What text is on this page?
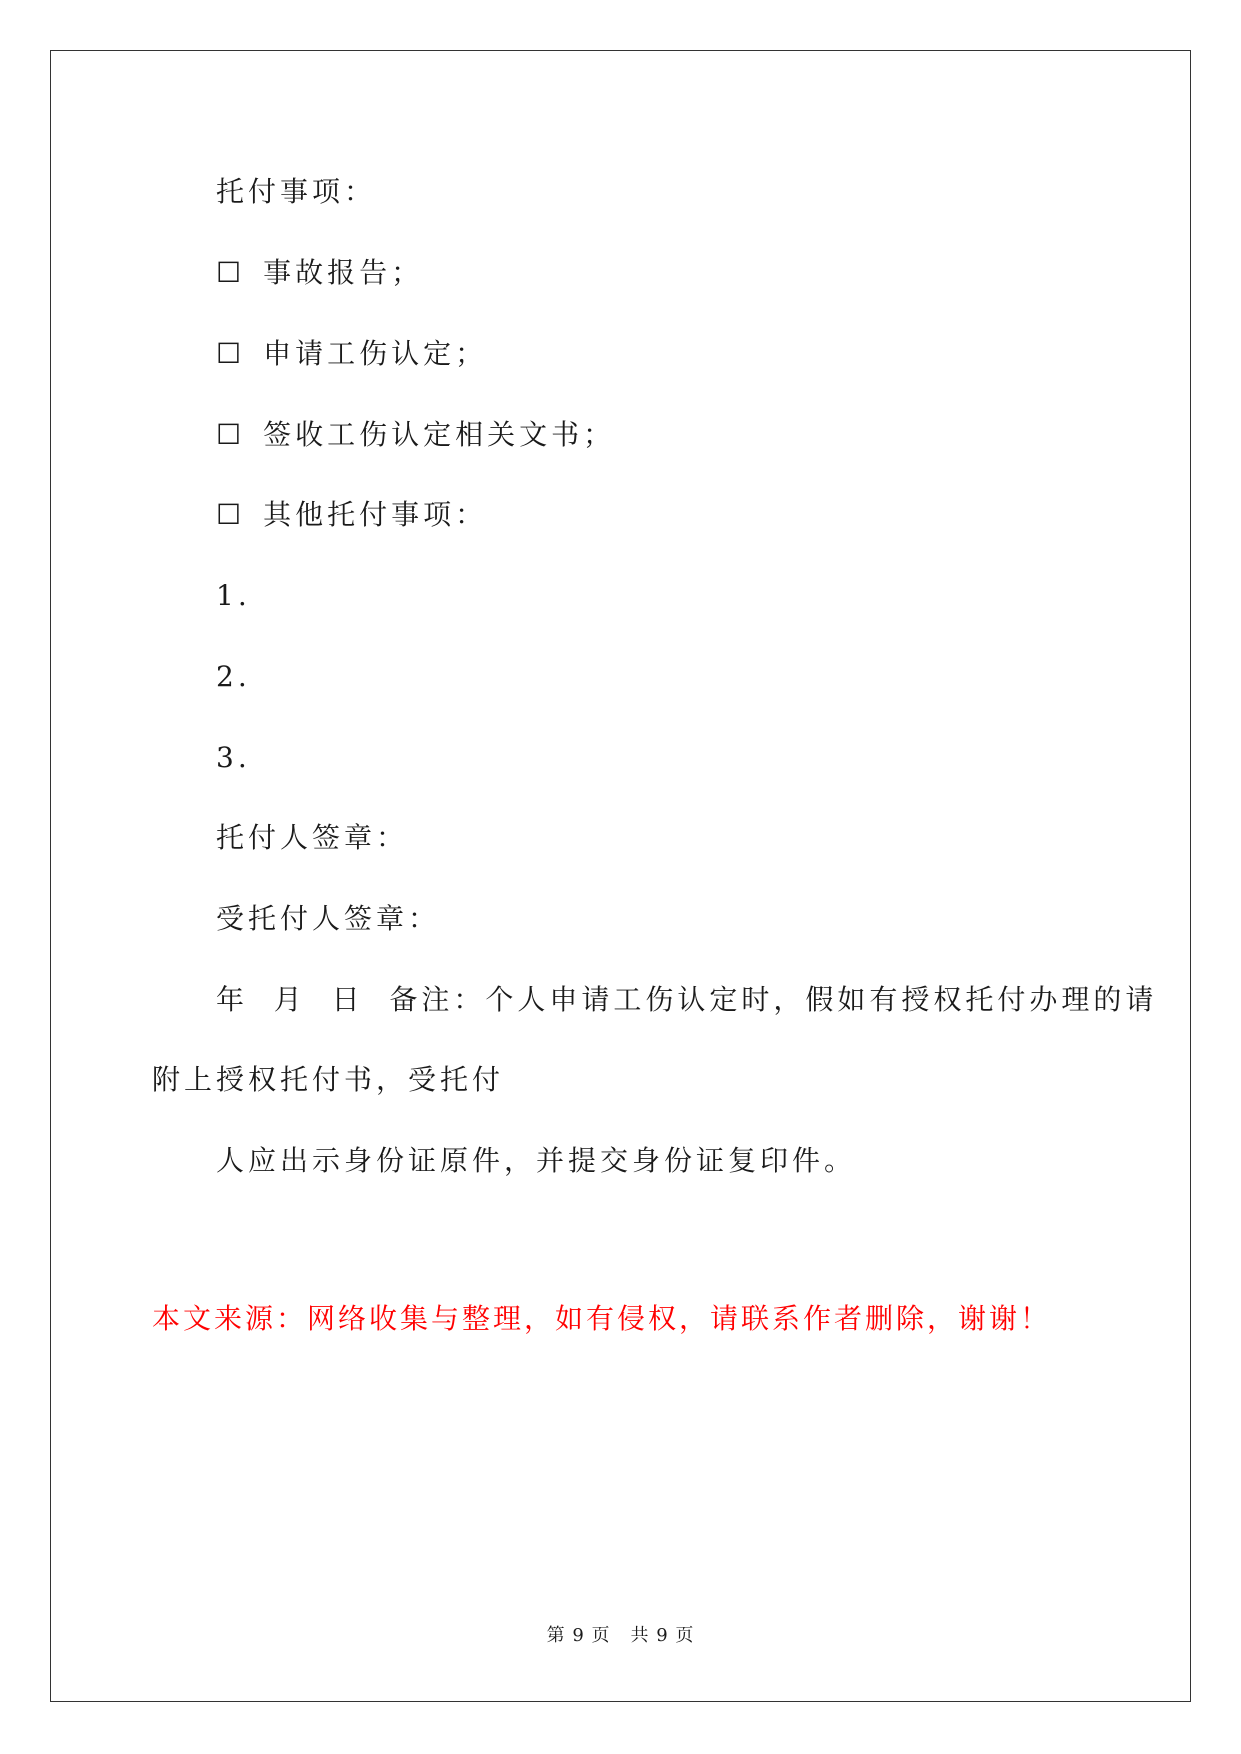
托付事项：
☐ 事故报告；
☐ 申请工伤认定；
☐ 签收工伤认定相关文书；
☐ 其他托付事项：
1.
2.
3.
托付人签章：
受托付人签章：
年  月  日  备注：个人申请工伤认定时，假如有授权托付办理的请
附上授权托付书，受托付
人应出示身份证原件，并提交身份证复印件。
本文来源：网络收集与整理，如有侵权，请联系作者删除，谢谢！
第 9 页 共 9 页
